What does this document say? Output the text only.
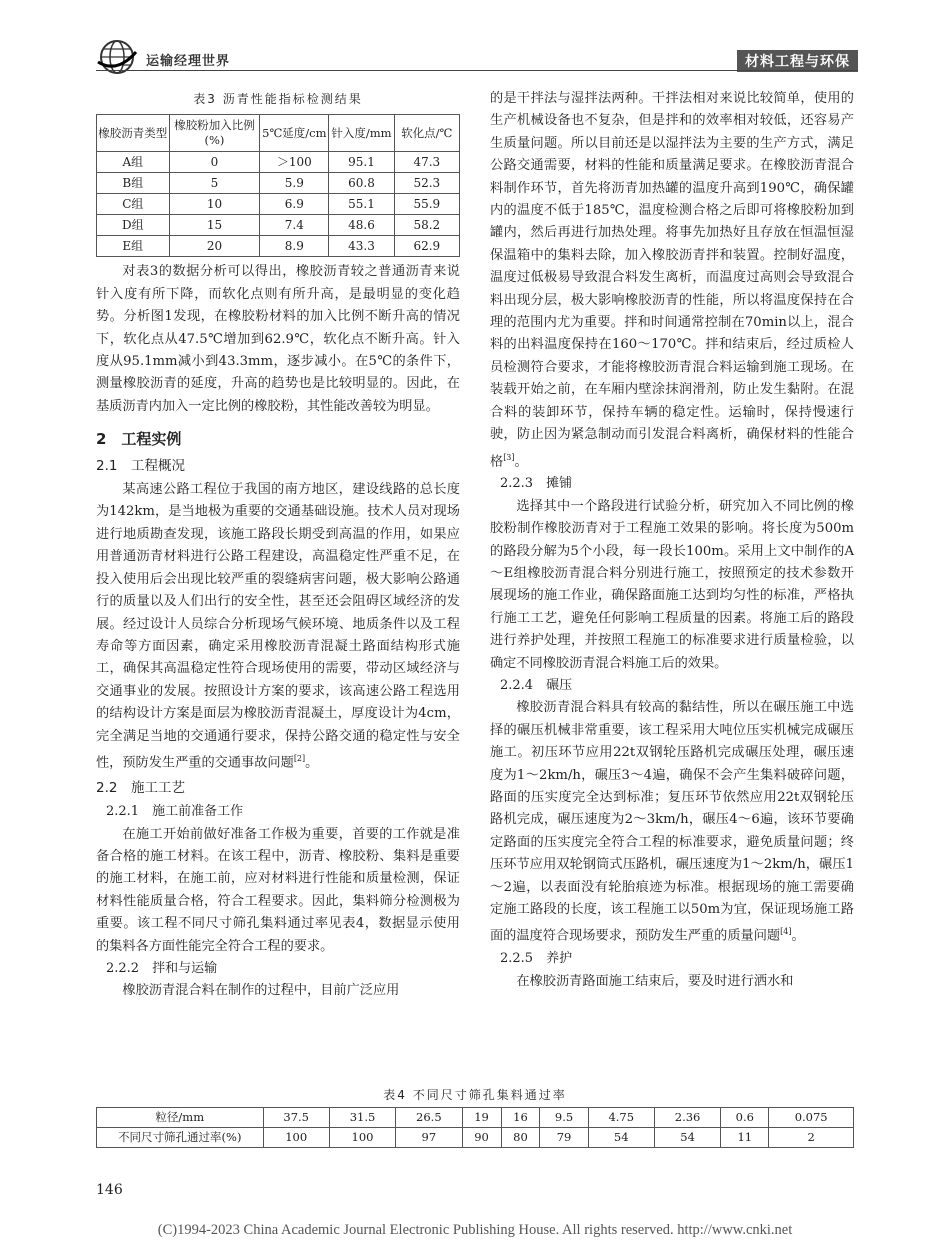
运输经理世界	材料工程与环保
表3 沥青性能指标检测结果
橡胶沥青类型	橡胶粉加入比例(%)	5℃延度/cm	针入度/mm	软化点/℃
A组	0	＞100	95.1	47.3
B组	5	5.9	60.8	52.3
C组	10	6.9	55.1	55.9
D组	15	7.4	48.6	58.2
E组	20	8.9	43.3	62.9

对表3的数据分析可以得出，橡胶沥青较之普通沥青来说针入度有所下降，而软化点则有所升高，是最明显的变化趋势。分析图1发现，在橡胶粉材料的加入比例不断升高的情况下，软化点从47.5℃增加到62.9℃，软化点不断升高。针入度从95.1mm减小到43.3mm，逐步减小。在5℃的条件下，测量橡胶沥青的延度，升高的趋势也是比较明显的。因此，在基质沥青内加入一定比例的橡胶粉，其性能改善较为明显。

2　工程实例
2.1　工程概况

某高速公路工程位于我国的南方地区，建设线路的总长度为142km，是当地极为重要的交通基础设施。技术人员对现场进行地质勘查发现，该施工路段长期受到高温的作用，如果应用普通沥青材料进行公路工程建设，高温稳定性严重不足，在投入使用后会出现比较严重的裂缝病害问题，极大影响公路通行的质量以及人们出行的安全性，甚至还会阻碍区域经济的发展。经过设计人员综合分析现场气候环境、地质条件以及工程寿命等方面因素，确定采用橡胶沥青混凝土路面结构形式施工，确保其高温稳定性符合现场使用的需要，带动区域经济与交通事业的发展。按照设计方案的要求，该高速公路工程选用的结构设计方案是面层为橡胶沥青混凝土，厚度设计为4cm，完全满足当地的交通通行要求，保持公路交通的稳定性与安全性，预防发生严重的交通事故问题[2]。

2.2　施工工艺

2.2.1　施工前准备工作

在施工开始前做好准备工作极为重要，首要的工作就是准备合格的施工材料。在该工程中，沥青、橡胶粉、集料是重要的施工材料，在施工前，应对材料进行性能和质量检测，保证材料性能质量合格，符合工程要求。因此，集料筛分检测极为重要。该工程不同尺寸筛孔集料通过率见表4，数据显示使用的集料各方面性能完全符合工程的要求。

2.2.2　拌和与运输

橡胶沥青混合料在制作的过程中，目前广泛应用

的是干拌法与湿拌法两种。干拌法相对来说比较简单，使用的生产机械设备也不复杂，但是拌和的效率相对较低，还容易产生质量问题。所以目前还是以湿拌法为主要的生产方式，满足公路交通需要，材料的性能和质量满足要求。在橡胶沥青混合料制作环节，首先将沥青加热罐的温度升高到190℃，确保罐内的温度不低于185℃，温度检测合格之后即可将橡胶粉加到罐内，然后再进行加热处理。将事先加热好且存放在恒温恒湿保温箱中的集料去除，加入橡胶沥青拌和装置。控制好温度，温度过低极易导致混合料发生离析，而温度过高则会导致混合料出现分层，极大影响橡胶沥青的性能，所以将温度保持在合理的范围内尤为重要。拌和时间通常控制在70min以上，混合料的出料温度保持在160～170℃。拌和结束后，经过质检人员检测符合要求，才能将橡胶沥青混合料运输到施工现场。在装载开始之前，在车厢内壁涂抹润滑剂，防止发生黏附。在混合料的装卸环节，保持车辆的稳定性。运输时，保持慢速行驶，防止因为紧急制动而引发混合料离析，确保材料的性能合格[3]。

2.2.3　摊铺

选择其中一个路段进行试验分析，研究加入不同比例的橡胶粉制作橡胶沥青对于工程施工效果的影响。将长度为500m的路段分解为5个小段，每一段长100m。采用上文中制作的A～E组橡胶沥青混合料分别进行施工，按照预定的技术参数开展现场的施工作业，确保路面施工达到均匀性的标准，严格执行施工工艺，避免任何影响工程质量的因素。将施工后的路段进行养护处理，并按照工程施工的标准要求进行质量检验，以确定不同橡胶沥青混合料施工后的效果。

2.2.4　碾压

橡胶沥青混合料具有较高的黏结性，所以在碾压施工中选择的碾压机械非常重要，该工程采用大吨位压实机械完成碾压施工。初压环节应用22t双钢轮压路机完成碾压处理，碾压速度为1～2km/h，碾压3～4遍，确保不会产生集料破碎问题，路面的压实度完全达到标准；复压环节依然应用22t双钢轮压路机完成，碾压速度为2～3km/h，碾压4～6遍，该环节要确定路面的压实度完全符合工程的标准要求，避免质量问题；终压环节应用双轮钢筒式压路机，碾压速度为1～2km/h，碾压1～2遍，以表面没有轮胎痕迹为标准。根据现场的施工需要确定施工路段的长度，该工程施工以50m为宜，保证现场施工路面的温度符合现场要求，预防发生严重的质量问题[4]。

2.2.5　养护

在橡胶沥青路面施工结束后，要及时进行洒水和

表4 不同尺寸筛孔集料通过率
粒径/mm	37.5	31.5	26.5	19	16	9.5	4.75	2.36	0.6	0.075
不同尺寸筛孔通过率(%)	100	100	97	90	80	79	54	54	11	2
146
(C)1994-2023 China Academic Journal Electronic Publishing House. All rights reserved. http://www.cnki.net
